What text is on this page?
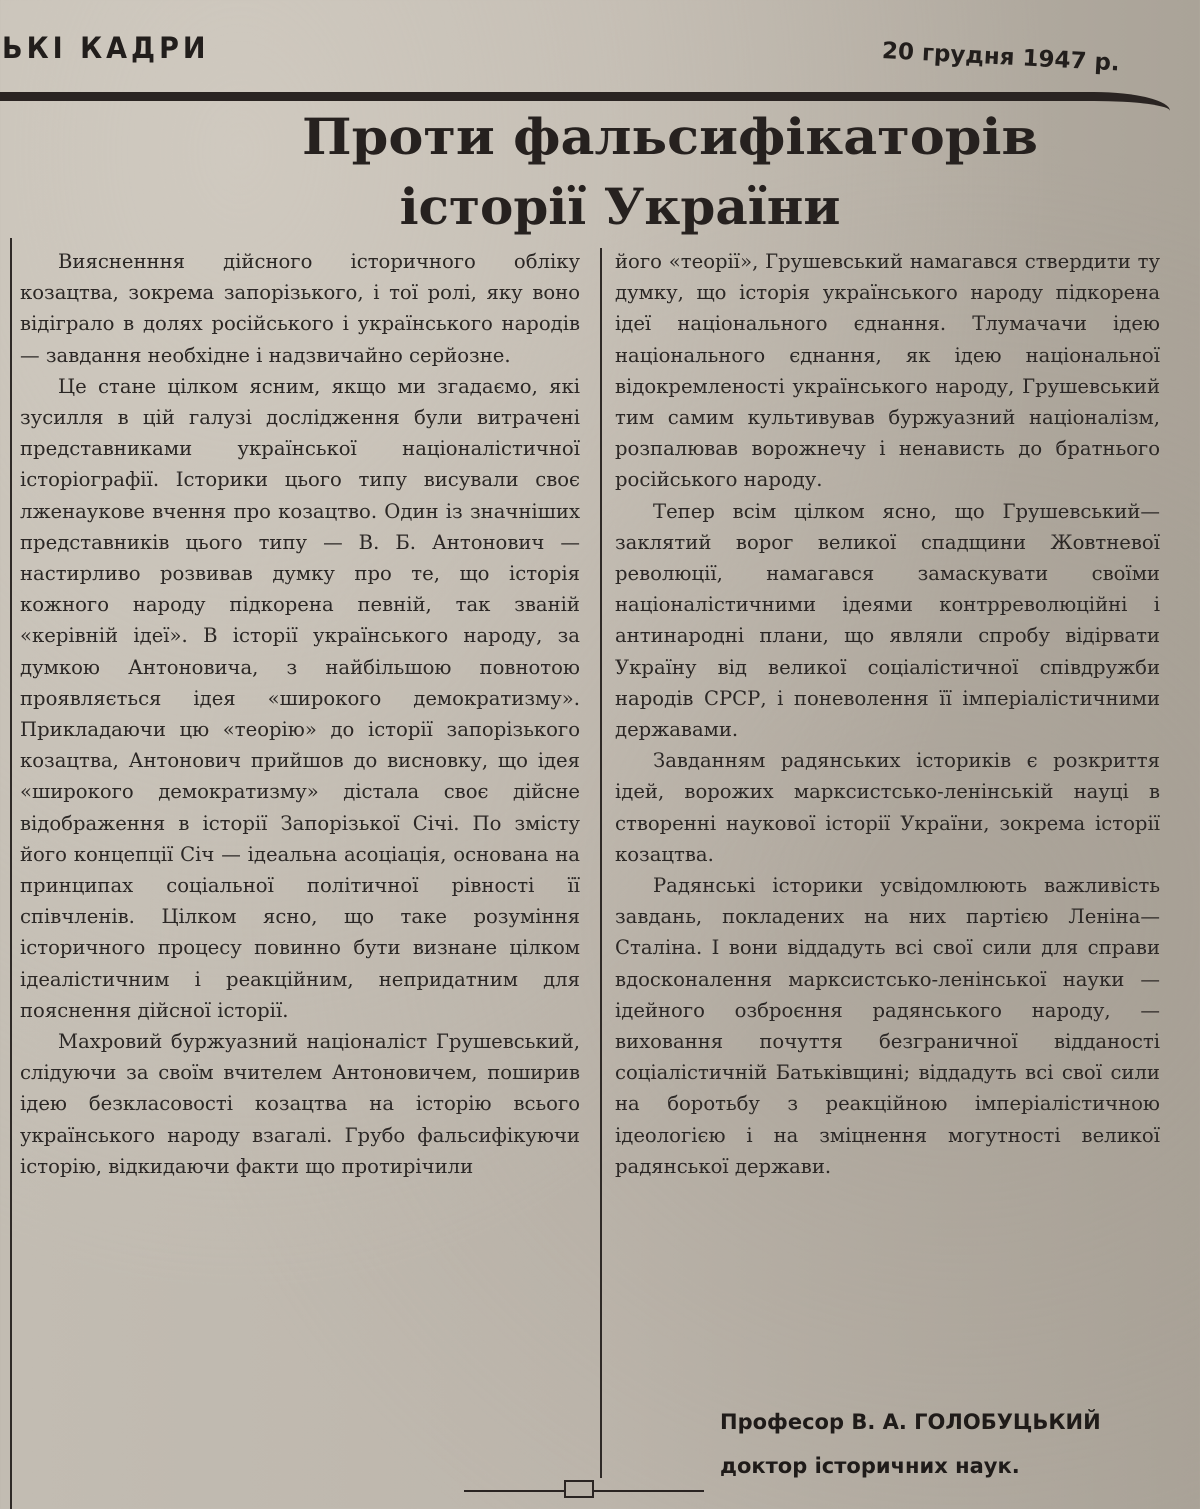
ЬКІ КАДРИ	20 грудня 1947 р.
Проти фальсифікаторів
історії України

Виясненння дійсного історичного обліку козацтва, зокрема запорізького, і тої ролі, яку воно відіграло в долях російського і українського народів — завдання необхідне і надзвичайно серйозне.

Це стане цілком ясним, якщо ми згадаємо, які зусилля в цій галузі дослідження були витрачені представниками української націоналістичної історіографії. Історики цього типу висували своє лженаукове вчення про козацтво. Один із значніших представників цього типу — В. Б. Антонович — настирливо розвивав думку про те, що історія кожного народу підкорена певній, так званій «керівній ідеї». В історії українського народу, за думкою Антоновича, з найбільшою повнотою проявляється ідея «широкого демократизму». Прикладаючи цю «теорію» до історії запорізького козацтва, Антонович прийшов до висновку, що ідея «широкого демократизму» дістала своє дійсне відображення в історії Запорізької Січі. По змісту його концепції Січ — ідеальна асоціація, основана на принципах соціальної політичної рівності її співчленів. Цілком ясно, що таке розуміння історичного процесу повинно бути визнане цілком ідеалістичним і реакційним, непридатним для пояснення дійсної історії.

Махровий буржуазний націоналіст Грушевський, слідуючи за своїм вчителем Антоновичем, поширив ідею безкласовості козацтва на історію всього українського народу взагалі. Грубо фальсифікуючи історію, відкидаючи факти що протирічили

його «теорії», Грушевський намагався ствердити ту думку, що історія українського народу підкорена ідеї національного єднання. Тлумачачи ідею національного єднання, як ідею національної відокремленості українського народу, Грушевський тим самим культивував буржуазний націоналізм, розпалював ворожнечу і ненависть до братнього російського народу.

Тепер всім цілком ясно, що Грушевський—заклятий ворог великої спадщини Жовтневої революції, намагався замаскувати своїми націоналістичними ідеями контрреволюційні і антинародні плани, що являли спробу відірвати Україну від великої соціалістичної співдружби народів СРСР, і поневолення її імперіалістичними державами.

Завданням радянських істориків є розкриття ідей, ворожих марксистсько-ленінській науці в створенні наукової історії України, зокрема історії козацтва.

Радянські історики усвідомлюють важливість завдань, покладених на них партією Леніна—Сталіна. І вони віддадуть всі свої сили для справи вдосконалення марксистсько-ленінської науки — ідейного озброєння радянського народу, — виховання почуття безграничної відданості соціалістичній Батьківщині; віддадуть всі свої сили на боротьбу з реакційною імперіалістичною ідеологією і на зміцнення могутності великої радянської держави.

Професор В. А. ГОЛОБУЦЬКИЙ
доктор історичних наук.
